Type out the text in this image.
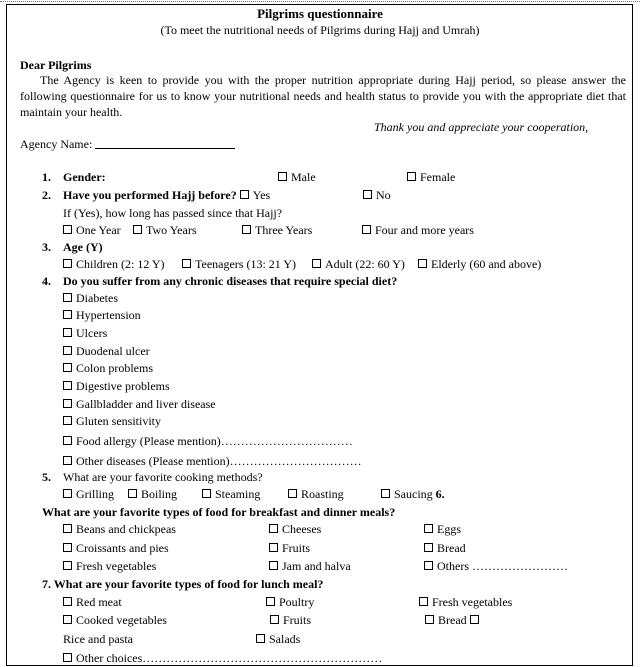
Pilgrims questionnaire
(To meet the nutritional needs of Pilgrims during Hajj and Umrah)
Dear Pilgrims
The Agency is keen to provide you with the proper nutrition appropriate during Hajj period, so please answer the following questionnaire for us to know your nutritional needs and health status to provide you with the appropriate diet that maintain your health.
Thank you and appreciate your cooperation,
Agency Name:
1. Gender:	Male	Female
2. Have you performed Hajj before? Yes	No
If (Yes), how long has passed since that Hajj?
One Year	Two Years	Three Years	Four and more years
3. Age (Y)
Children (2: 12 Y)	Teenagers (13: 21 Y)	Adult (22: 60 Y)	Elderly (60 and above)
4. Do you suffer from any chronic diseases that require special diet?
Diabetes
Hypertension
Ulcers
Duodenal ulcer
Colon problems
Digestive problems
Gallbladder and liver disease
Gluten sensitivity
Food allergy (Please mention)……………………………
Other diseases (Please mention)……………………………
5. What are your favorite cooking methods?
Grilling	Boiling	Steaming	Roasting	Saucing 6.
What are your favorite types of food for breakfast and dinner meals?
Beans and chickpeas	Cheeses	Eggs
Croissants and pies	Fruits	Bread
Fresh vegetables	Jam and halva	Others ……………………
7. What are your favorite types of food for lunch meal?
Red meat	Poultry	Fresh vegetables
Cooked vegetables	Fruits	Bread
Rice and pasta	Salads
Other choices……………………………………………………
